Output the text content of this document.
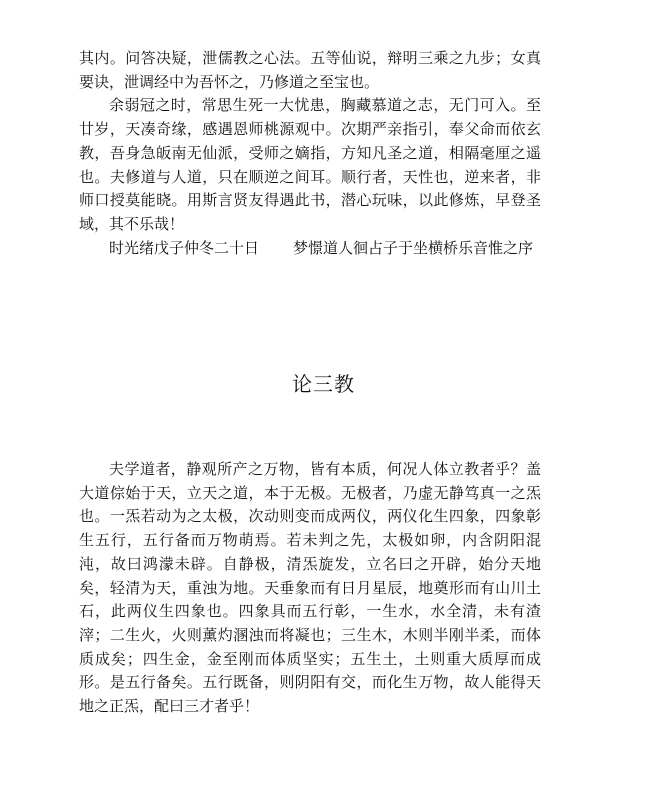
其内。问答决疑，泄儒教之心法。五等仙说，辩明三乘之九步；女真要诀，泄调经中为吾怀之，乃修道之至宝也。

余弱冠之时，常思生死一大忧患，胸藏慕道之志，无门可入。至廿岁，天凑奇缘，感遇恩师桃源观中。次期严亲指引，奉父命而依玄教，吾身急皈南无仙派，受师之嫡指，方知凡圣之道，相隔毫厘之遥也。夫修道与人道，只在顺逆之间耳。顺行者，天性也，逆来者，非师口授莫能晓。用斯言贤友得遇此书，潜心玩味，以此修炼，早登圣域，其不乐哉！

时光绪戊子仲冬二十日 梦憬道人徊占子于坐横桥乐音惟之序

论三教

夫学道者，静观所产之万物，皆有本质，何况人体立教者乎？盖大道倧始于天，立天之道，本于无极。无极者，乃虚无静笃真一之炁也。一炁若动为之太极，次动则变而成两仪，两仪化生四象，四象彰生五行，五行备而万物萌焉。若未判之先，太极如卵，内含阴阳混沌，故曰鸿濛未辟。自静极，清炁旋发，立名曰之开辟，始分天地矣，轻清为天，重浊为地。天垂象而有日月星辰，地奠形而有山川土石，此两仪生四象也。四象具而五行彰，一生水，水全清，未有渣滓；二生火，火则薰灼溷浊而将凝也；三生木，木则半刚半柔，而体质成矣；四生金，金至刚而体质坚实；五生土，土则重大质厚而成形。是五行备矣。五行既备，则阴阳有交，而化生万物，故人能得天地之正炁，配曰三才者乎！
